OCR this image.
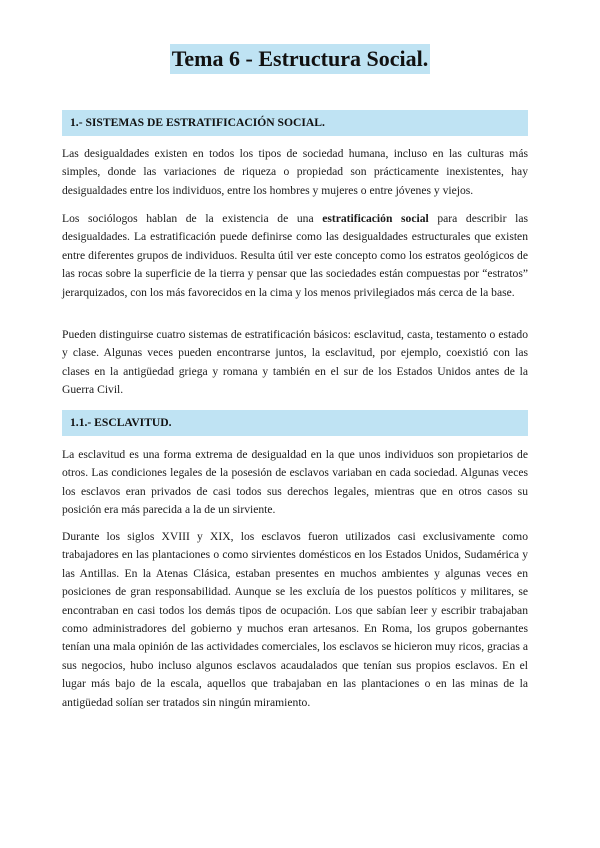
Tema 6 - Estructura Social.
1.- SISTEMAS DE ESTRATIFICACIÓN SOCIAL.

Las desigualdades existen en todos los tipos de sociedad humana, incluso en las culturas más simples, donde las variaciones de riqueza o propiedad son prácticamente inexistentes, hay desigualdades entre los individuos, entre los hombres y mujeres o entre jóvenes y viejos.

Los sociólogos hablan de la existencia de una estratificación social para describir las desigualdades. La estratificación puede definirse como las desigualdades estructurales que existen entre diferentes grupos de individuos. Resulta útil ver este concepto como los estratos geológicos de las rocas sobre la superficie de la tierra y pensar que las sociedades están compuestas por “estratos” jerarquizados, con los más favorecidos en la cima y los menos privilegiados más cerca de la base.

Pueden distinguirse cuatro sistemas de estratificación básicos: esclavitud, casta, testamento o estado y clase. Algunas veces pueden encontrarse juntos, la esclavitud, por ejemplo, coexistió con las clases en la antigüedad griega y romana y también en el sur de los Estados Unidos antes de la Guerra Civil.

1.1.- ESCLAVITUD.

La esclavitud es una forma extrema de desigualdad en la que unos individuos son propietarios de otros. Las condiciones legales de la posesión de esclavos variaban en cada sociedad. Algunas veces los esclavos eran privados de casi todos sus derechos legales, mientras que en otros casos su posición era más parecida a la de un sirviente.

Durante los siglos XVIII y XIX, los esclavos fueron utilizados casi exclusivamente como trabajadores en las plantaciones o como sirvientes domésticos en los Estados Unidos, Sudamérica y las Antillas. En la Atenas Clásica, estaban presentes en muchos ambientes y algunas veces en posiciones de gran responsabilidad. Aunque se les excluía de los puestos políticos y militares, se encontraban en casi todos los demás tipos de ocupación. Los que sabían leer y escribir trabajaban como administradores del gobierno y muchos eran artesanos. En Roma, los grupos gobernantes tenían una mala opinión de las actividades comerciales, los esclavos se hicieron muy ricos, gracias a sus negocios, hubo incluso algunos esclavos acaudalados que tenían sus propios esclavos. En el lugar más bajo de la escala, aquellos que trabajaban en las plantaciones o en las minas de la antigüedad solían ser tratados sin ningún miramiento.
